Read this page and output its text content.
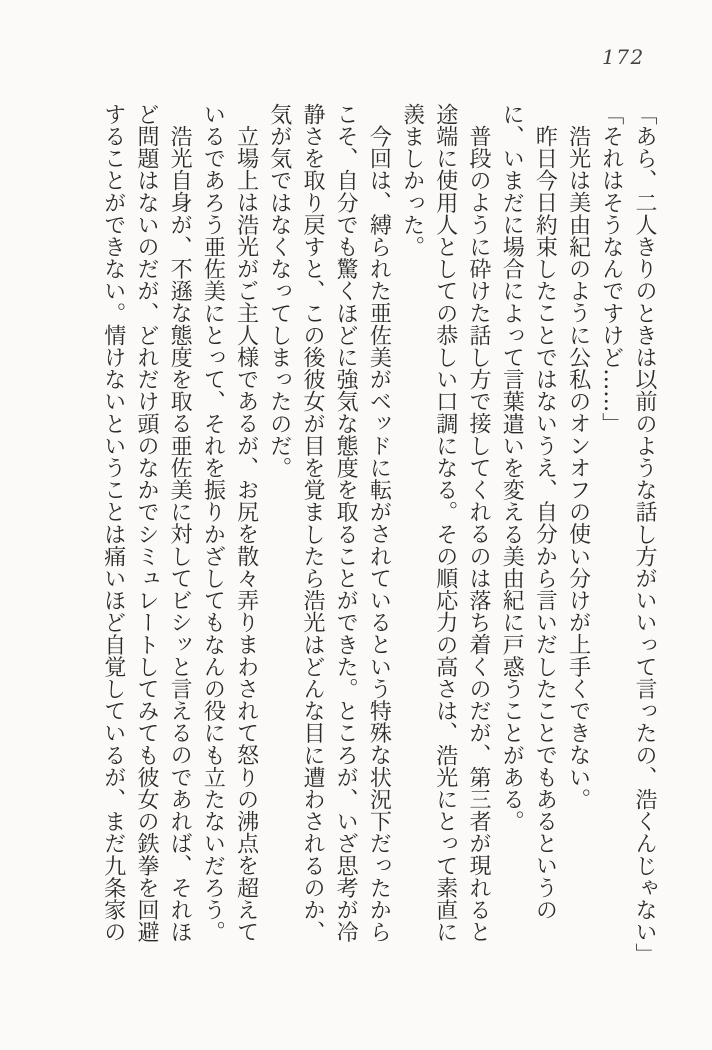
172

「あら、二人きりのときは以前のような話し方がいいって言ったの、浩くんじゃない」

「それはそうなんですけど……」

浩光は美由紀のように公私のオンオフの使い分けが上手くできない。

昨日今日約束したことではないうえ、自分から言いだしたことでもあるというのに、いまだに場合によって言葉遣いを変える美由紀に戸惑うことがある。

普段のように砕けた話し方で接してくれるのは落ち着くのだが、第三者が現れると途端に使用人としての恭しい口調になる。その順応力の高さは、浩光にとって素直に羨ましかった。

今回は、縛られた亜佐美がベッドに転がされているという特殊な状況下だったからこそ、自分でも驚くほどに強気な態度を取ることができた。ところが、いざ思考が冷静さを取り戻すと、この後彼女が目を覚ましたら浩光はどんな目に遭わされるのか、気が気ではなくなってしまったのだ。

立場上は浩光がご主人様であるが、お尻を散々弄りまわされて怒りの沸点を超えているであろう亜佐美にとって、それを振りかざしてもなんの役にも立たないだろう。

浩光自身が、不遜な態度を取る亜佐美に対してビシッと言えるのであれば、それほど問題はないのだが、どれだけ頭のなかでシミュレートしてみても彼女の鉄拳を回避することができない。情けないということは痛いほど自覚しているが、まだ九条家の
